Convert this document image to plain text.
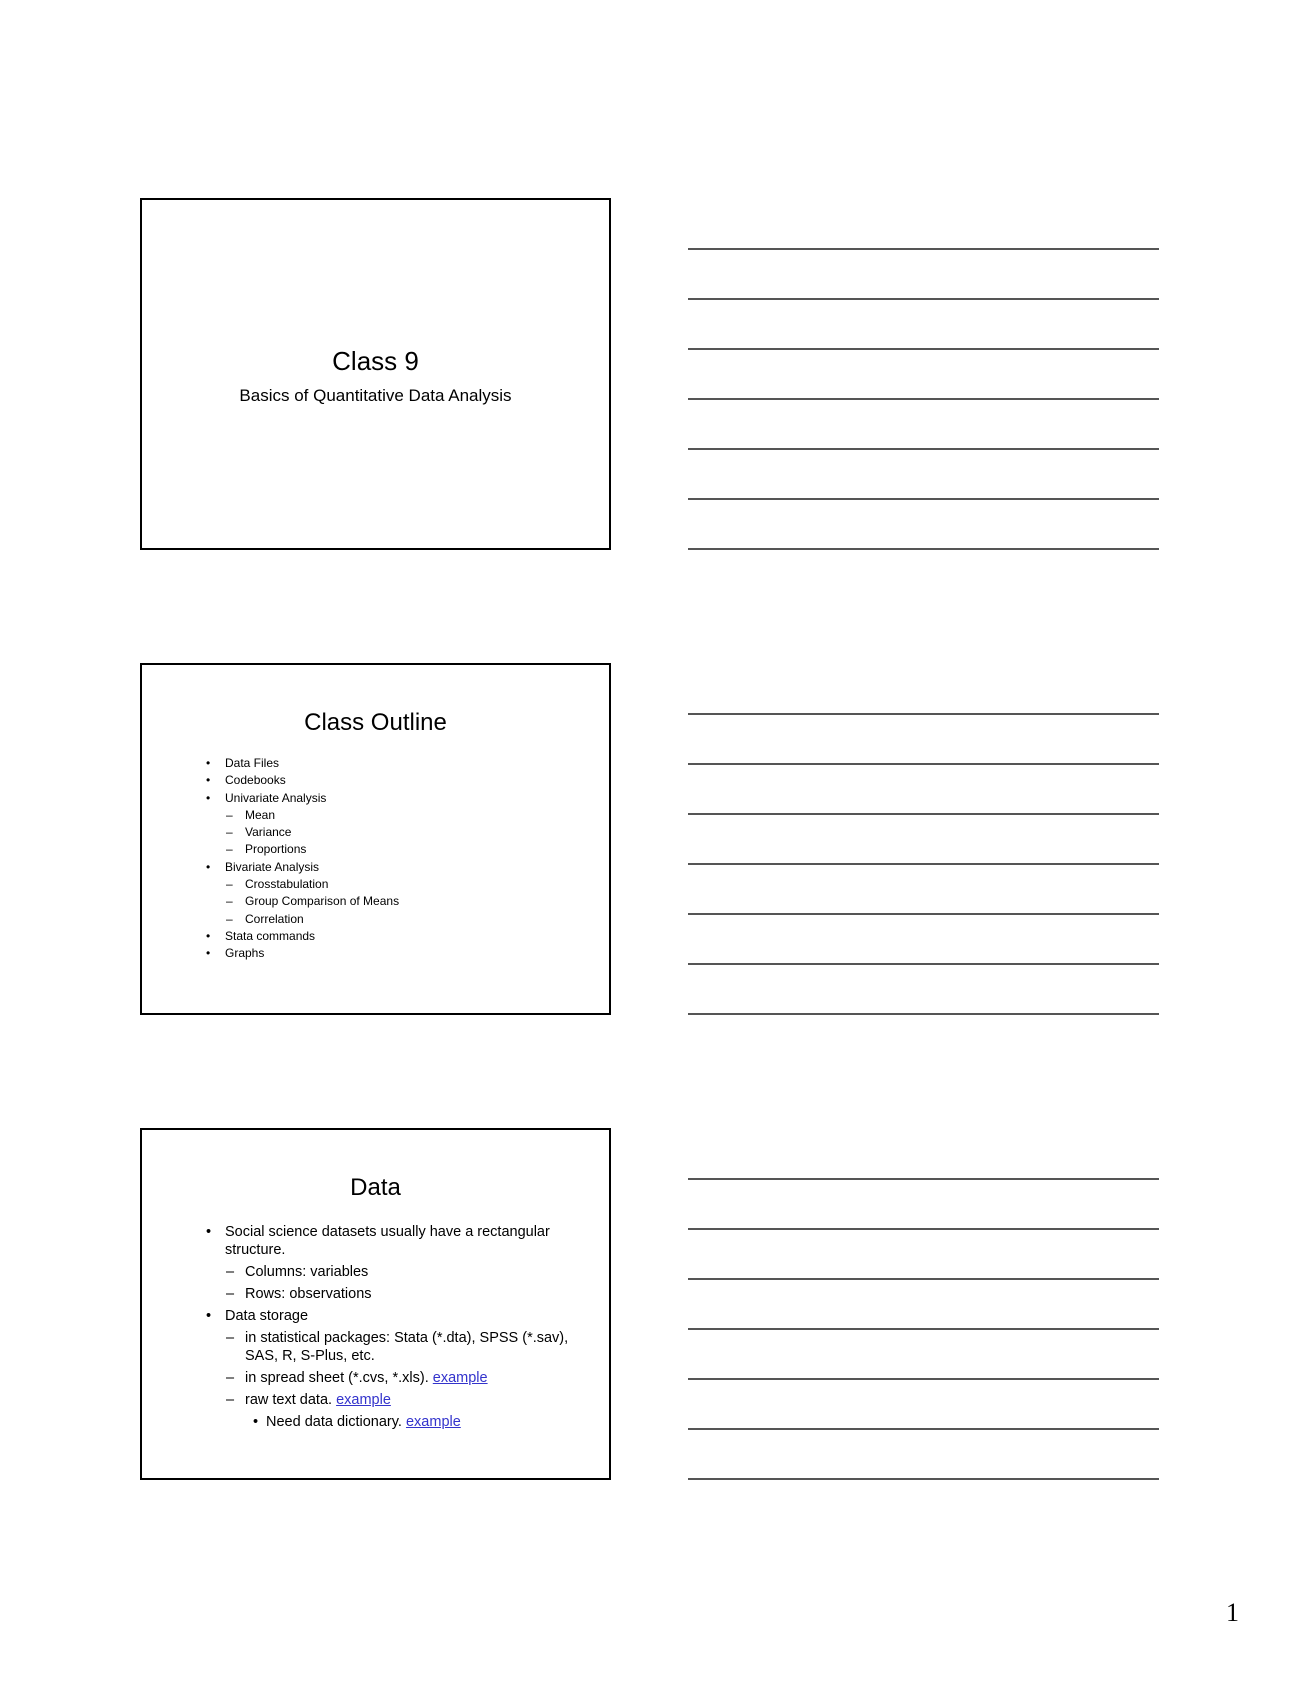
Class 9
Basics of Quantitative Data Analysis
Class Outline
• Data Files
• Codebooks
• Univariate Analysis
– Mean
– Variance
– Proportions
• Bivariate Analysis
– Crosstabulation
– Group Comparison of Means
– Correlation
• Stata commands
• Graphs
Data
• Social science datasets usually have a rectangular structure.
– Columns: variables
– Rows: observations
• Data storage
– in statistical packages: Stata (*.dta), SPSS (*.sav), SAS, R, S-Plus, etc.
– in spread sheet (*.cvs, *.xls). example
– raw text data. example
• Need data dictionary. example
1
